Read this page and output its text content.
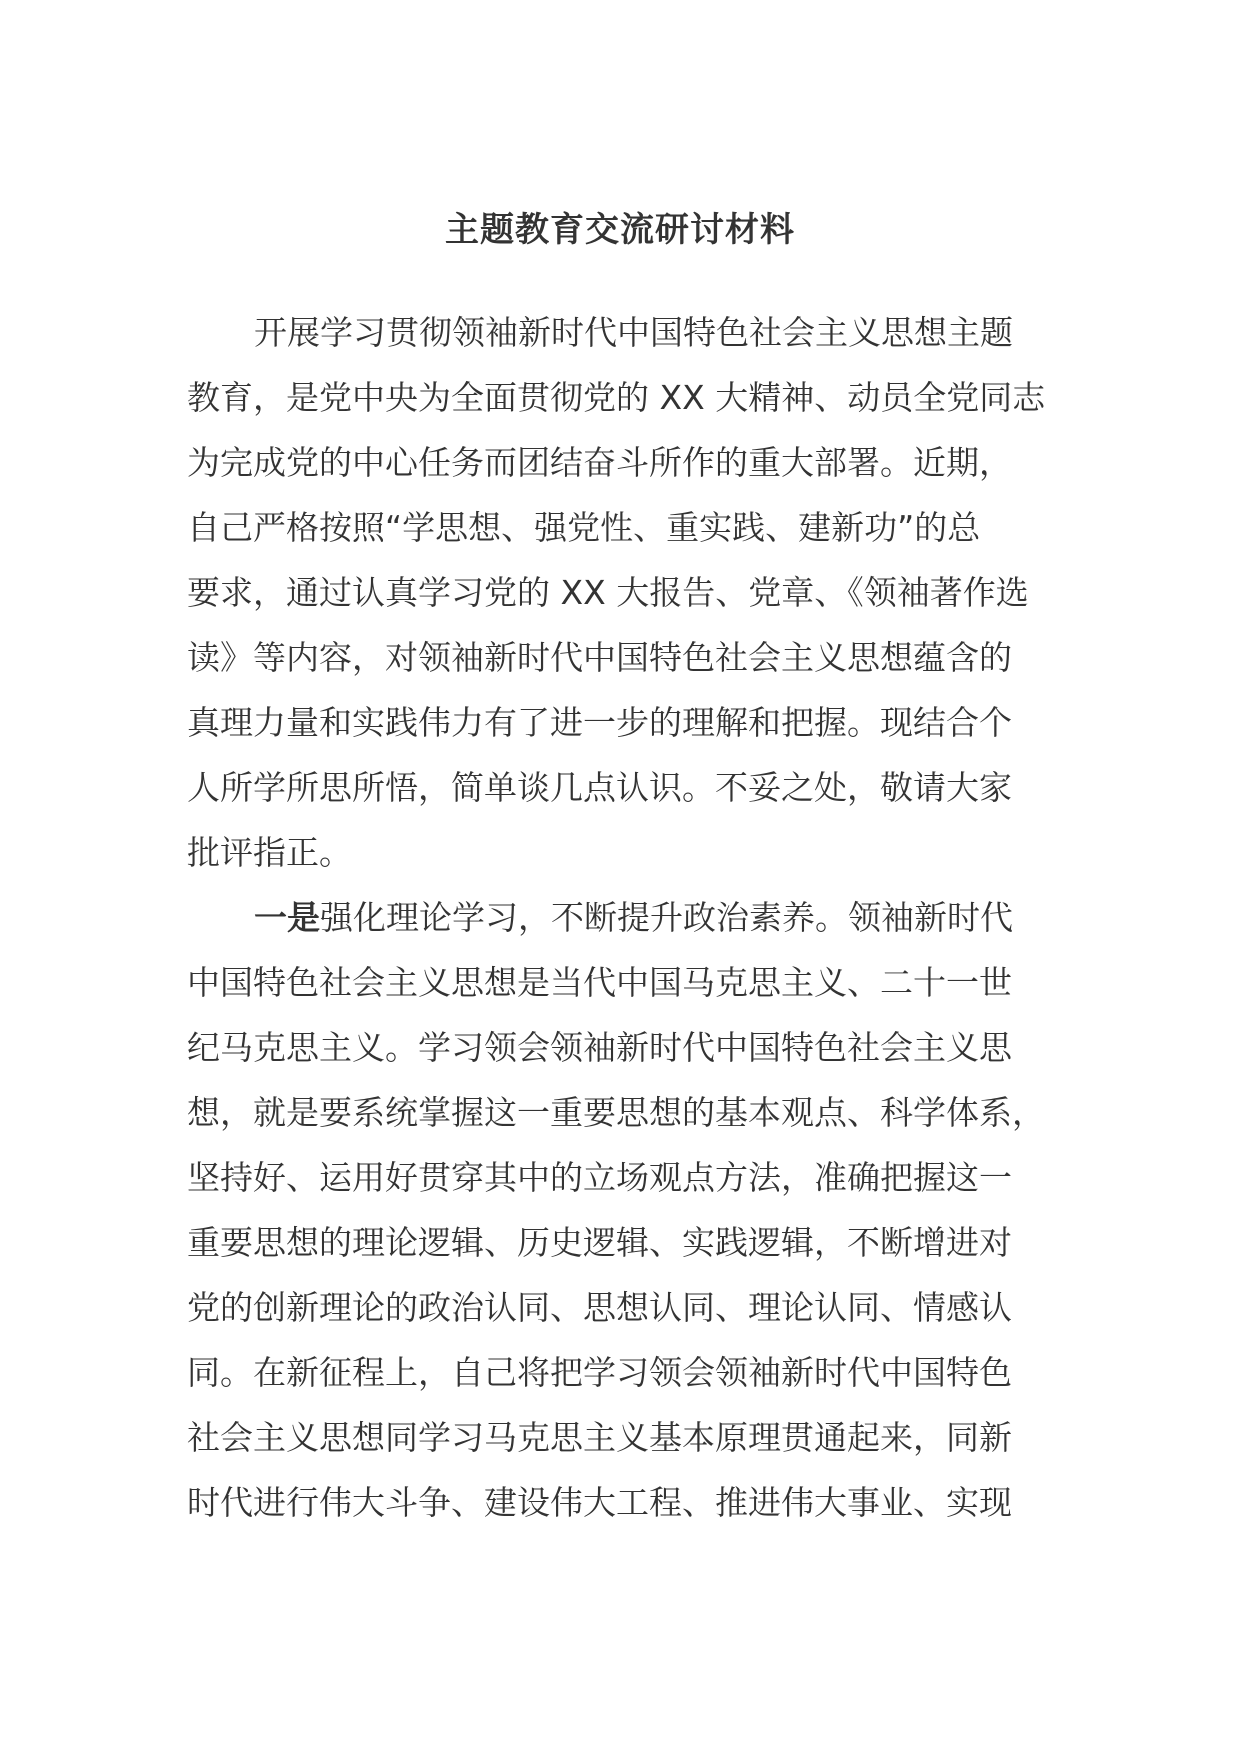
主题教育交流研讨材料
开展学习贯彻领袖新时代中国特色社会主义思想主题
教育，是党中央为全面贯彻党的 XX 大精神、动员全党同志
为完成党的中心任务而团结奋斗所作的重大部署。近期，
自己严格按照“学思想、强党性、重实践、建新功”的总
要求，通过认真学习党的 XX 大报告、党章、《领袖著作选
读》等内容，对领袖新时代中国特色社会主义思想蕴含的
真理力量和实践伟力有了进一步的理解和把握。现结合个
人所学所思所悟，简单谈几点认识。不妥之处，敬请大家
批评指正。
一是强化理论学习，不断提升政治素养。领袖新时代
中国特色社会主义思想是当代中国马克思主义、二十一世
纪马克思主义。学习领会领袖新时代中国特色社会主义思
想，就是要系统掌握这一重要思想的基本观点、科学体系，
坚持好、运用好贯穿其中的立场观点方法，准确把握这一
重要思想的理论逻辑、历史逻辑、实践逻辑，不断增进对
党的创新理论的政治认同、思想认同、理论认同、情感认
同。在新征程上，自己将把学习领会领袖新时代中国特色
社会主义思想同学习马克思主义基本原理贯通起来，同新
时代进行伟大斗争、建设伟大工程、推进伟大事业、实现
